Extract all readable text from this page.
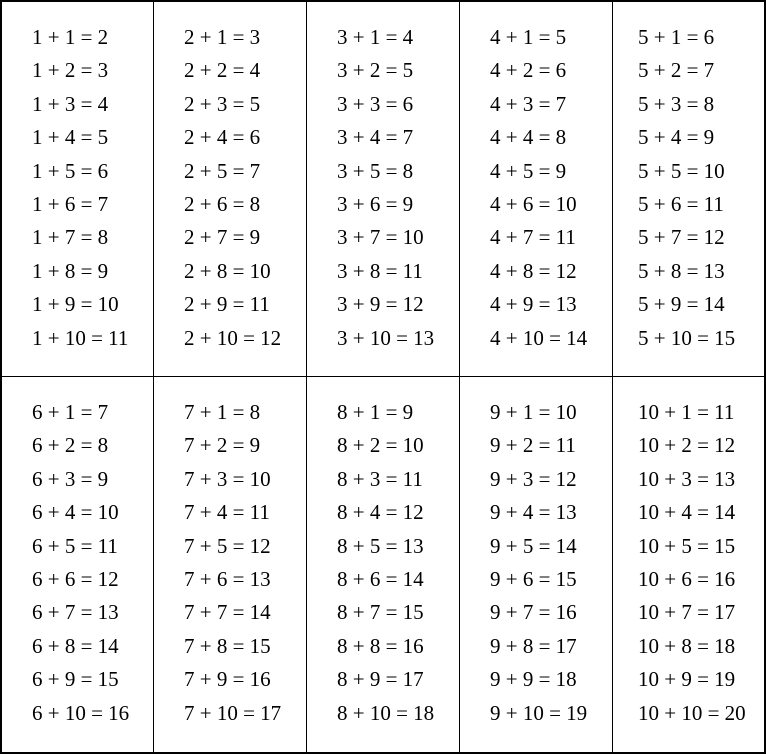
1 + 1 = 2
1 + 2 = 3
1 + 3 = 4
1 + 4 = 5
1 + 5 = 6
1 + 6 = 7
1 + 7 = 8
1 + 8 = 9
1 + 9 = 10
1 + 10 = 11
2 + 1 = 3
2 + 2 = 4
2 + 3 = 5
2 + 4 = 6
2 + 5 = 7
2 + 6 = 8
2 + 7 = 9
2 + 8 = 10
2 + 9 = 11
2 + 10 = 12
3 + 1 = 4
3 + 2 = 5
3 + 3 = 6
3 + 4 = 7
3 + 5 = 8
3 + 6 = 9
3 + 7 = 10
3 + 8 = 11
3 + 9 = 12
3 + 10 = 13
4 + 1 = 5
4 + 2 = 6
4 + 3 = 7
4 + 4 = 8
4 + 5 = 9
4 + 6 = 10
4 + 7 = 11
4 + 8 = 12
4 + 9 = 13
4 + 10 = 14
5 + 1 = 6
5 + 2 = 7
5 + 3 = 8
5 + 4 = 9
5 + 5 = 10
5 + 6 = 11
5 + 7 = 12
5 + 8 = 13
5 + 9 = 14
5 + 10 = 15
6 + 1 = 7
6 + 2 = 8
6 + 3 = 9
6 + 4 = 10
6 + 5 = 11
6 + 6 = 12
6 + 7 = 13
6 + 8 = 14
6 + 9 = 15
6 + 10 = 16
7 + 1 = 8
7 + 2 = 9
7 + 3 = 10
7 + 4 = 11
7 + 5 = 12
7 + 6 = 13
7 + 7 = 14
7 + 8 = 15
7 + 9 = 16
7 + 10 = 17
8 + 1 = 9
8 + 2 = 10
8 + 3 = 11
8 + 4 = 12
8 + 5 = 13
8 + 6 = 14
8 + 7 = 15
8 + 8 = 16
8 + 9 = 17
8 + 10 = 18
9 + 1 = 10
9 + 2 = 11
9 + 3 = 12
9 + 4 = 13
9 + 5 = 14
9 + 6 = 15
9 + 7 = 16
9 + 8 = 17
9 + 9 = 18
9 + 10 = 19
10 + 1 = 11
10 + 2 = 12
10 + 3 = 13
10 + 4 = 14
10 + 5 = 15
10 + 6 = 16
10 + 7 = 17
10 + 8 = 18
10 + 9 = 19
10 + 10 = 20
